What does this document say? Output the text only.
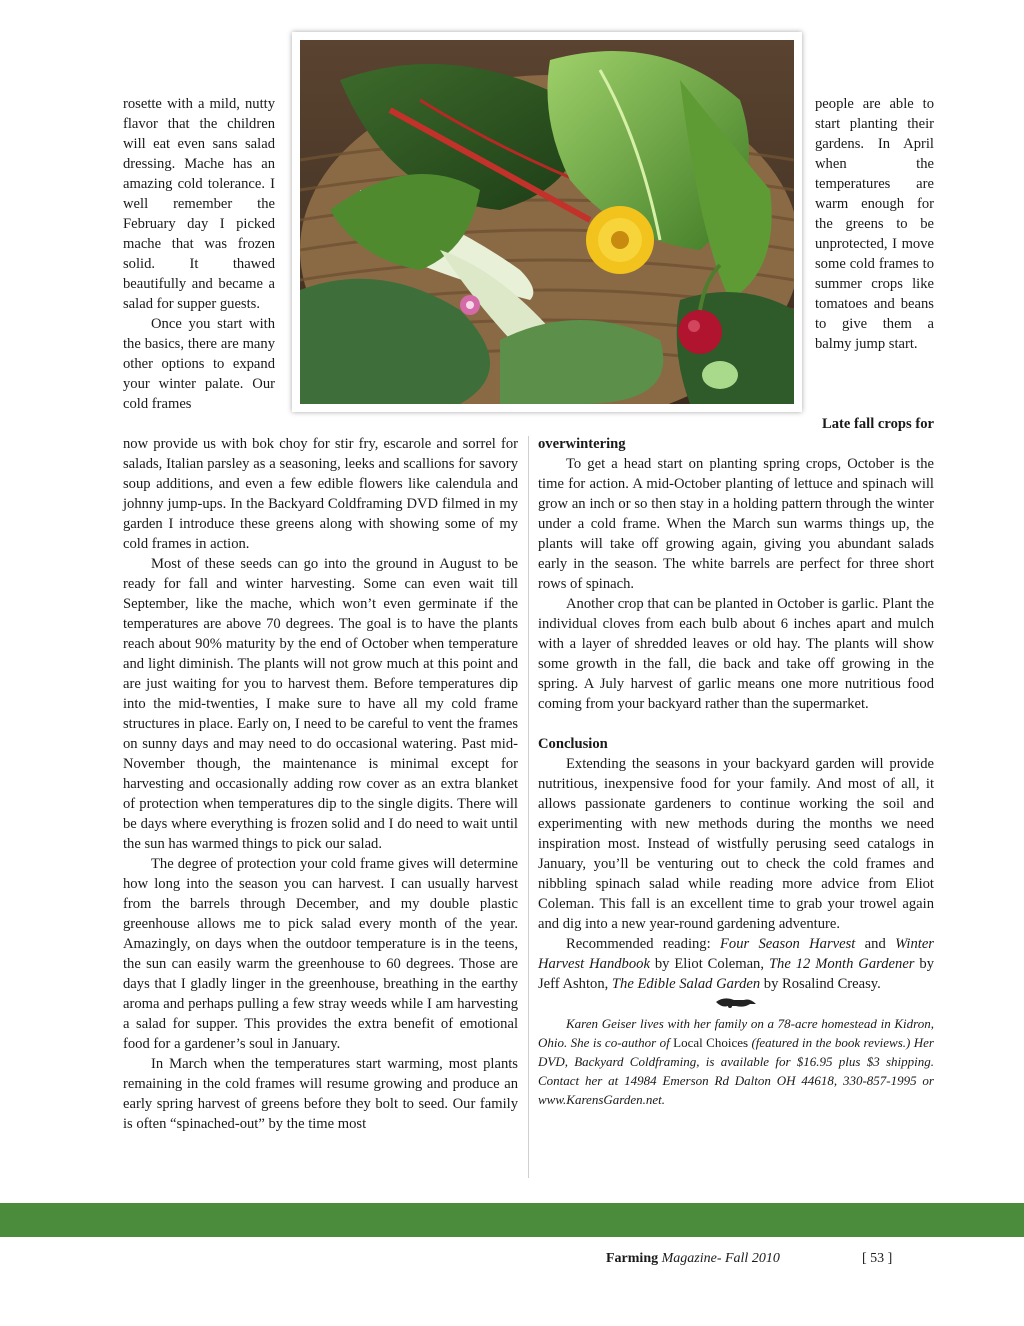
rosette with a mild, nutty flavor that the children will eat even sans salad dressing. Mache has an amazing cold tolerance. I well remember the February day I picked mache that was frozen solid. It thawed beautifully and became a salad for supper guests.

Once you start with the basics, there are many other options to expand your winter palate. Our cold frames

people are able to start planting their gardens. In April when the temperatures are warm enough for the greens to be unprotected, I move some cold frames to summer crops like tomatoes and beans to give them a balmy jump start.

Late fall crops for

now provide us with bok choy for stir fry, escarole and sorrel for salads, Italian parsley as a seasoning, leeks and scallions for savory soup additions, and even a few edible flowers like calendula and johnny jump-ups. In the Backyard Coldframing DVD filmed in my garden I introduce these greens along with showing some of my cold frames in action.

Most of these seeds can go into the ground in August to be ready for fall and winter harvesting. Some can even wait till September, like the mache, which won’t even germinate if the temperatures are above 70 degrees. The goal is to have the plants reach about 90% maturity by the end of October when temperature and light diminish. The plants will not grow much at this point and are just waiting for you to harvest them. Before temperatures dip into the mid-twenties, I make sure to have all my cold frame structures in place. Early on, I need to be careful to vent the frames on sunny days and may need to do occasional watering. Past mid-November though, the maintenance is minimal except for harvesting and occasionally adding row cover as an extra blanket of protection when temperatures dip to the single digits. There will be days where everything is frozen solid and I do need to wait until the sun has warmed things to pick our salad.

The degree of protection your cold frame gives will determine how long into the season you can harvest. I can usually harvest from the barrels through December, and my double plastic greenhouse allows me to pick salad every month of the year. Amazingly, on days when the outdoor temperature is in the teens, the sun can easily warm the greenhouse to 60 degrees. Those are days that I gladly linger in the greenhouse, breathing in the earthy aroma and perhaps pulling a few stray weeds while I am harvesting a salad for supper. This provides the extra benefit of emotional food for a gardener’s soul in January.

In March when the temperatures start warming, most plants remaining in the cold frames will resume growing and produce an early spring harvest of greens before they bolt to seed. Our family is often “spinached-out” by the time most

overwintering

To get a head start on planting spring crops, October is the time for action. A mid-October planting of lettuce and spinach will grow an inch or so then stay in a holding pattern through the winter under a cold frame. When the March sun warms things up, the plants will take off growing again, giving you abundant salads early in the season. The white barrels are perfect for three short rows of spinach.

Another crop that can be planted in October is garlic. Plant the individual cloves from each bulb about 6 inches apart and mulch with a layer of shredded leaves or old hay. The plants will show some growth in the fall, die back and take off growing in the spring. A July harvest of garlic means one more nutritious food coming from your backyard rather than the supermarket.

Conclusion

Extending the seasons in your backyard garden will provide nutritious, inexpensive food for your family. And most of all, it allows passionate gardeners to continue working the soil and experimenting with new methods during the months we need inspiration most. Instead of wistfully perusing seed catalogs in January, you’ll be venturing out to check the cold frames and nibbling spinach salad while reading more advice from Eliot Coleman. This fall is an excellent time to grab your trowel again and dig into a new year-round gardening adventure.

Recommended reading: Four Season Harvest and Winter Harvest Handbook by Eliot Coleman, The 12 Month Gardener by Jeff Ashton, The Edible Salad Garden by Rosalind Creasy.

Karen Geiser lives with her family on a 78-acre homestead in Kidron, Ohio. She is co-author of Local Choices (featured in the book reviews.) Her DVD, Backyard Coldframing, is available for $16.95 plus $3 shipping. Contact her at 14984 Emerson Rd Dalton OH 44618, 330-857-1995 or www.KarensGarden.net.

Farming Magazine- Fall 2010	[ 53 ]
